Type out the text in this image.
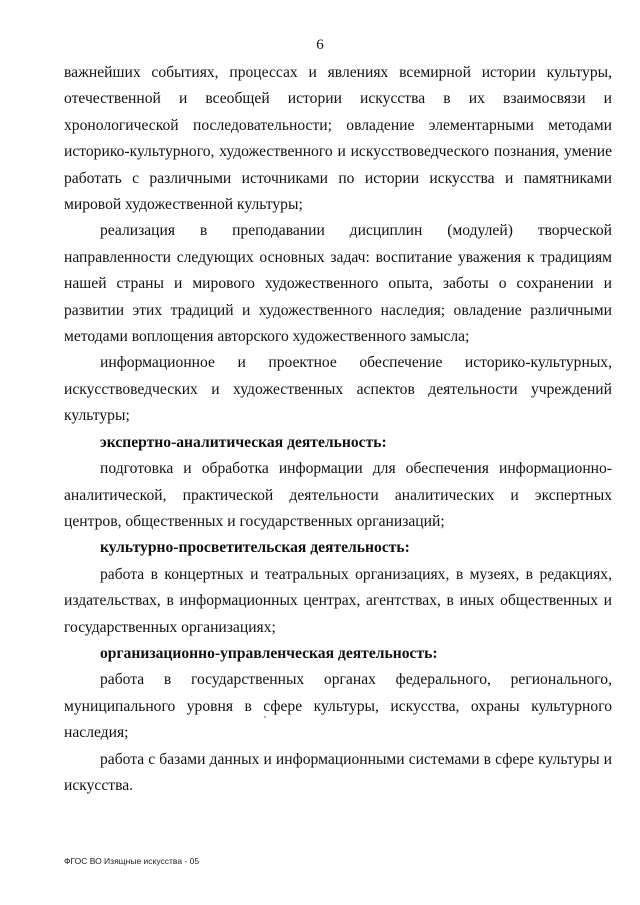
6

важнейших событиях, процессах и явлениях всемирной истории культуры, отечественной и всеобщей истории искусства в их взаимосвязи и хронологической последовательности; овладение элементарными методами историко-культурного, художественного и искусствоведческого познания, умение работать с различными источниками по истории искусства и памятниками мировой художественной культуры;

реализация в преподавании дисциплин (модулей) творческой направленности следующих основных задач: воспитание уважения к традициям нашей страны и мирового художественного опыта, заботы о сохранении и развитии этих традиций и художественного наследия; овладение различными методами воплощения авторского художественного замысла;

информационное и проектное обеспечение историко-культурных, искусствоведческих и художественных аспектов деятельности учреждений культуры;

экспертно-аналитическая деятельность:

подготовка и обработка информации для обеспечения информационно-аналитической, практической деятельности аналитических и экспертных центров, общественных и государственных организаций;

культурно-просветительская деятельность:

работа в концертных и театральных организациях, в музеях, в редакциях, издательствах, в информационных центрах, агентствах, в иных общественных и государственных организациях;

организационно-управленческая деятельность:

работа в государственных органах федерального, регионального, муниципального уровня в сфере культуры, искусства, охраны культурного наследия;

работа с базами данных и информационными системами в сфере культуры и искусства.

ФГОС ВО Изящные искусства - 05
